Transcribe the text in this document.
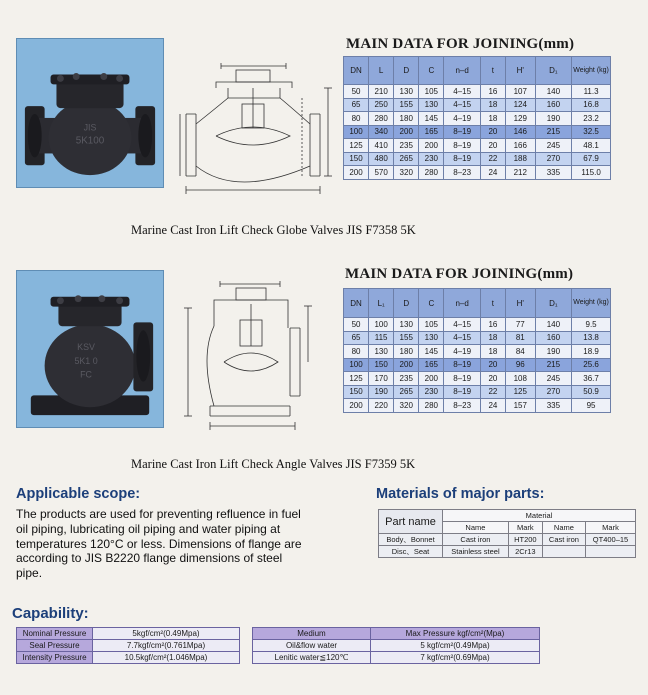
JIS
5K100
MAIN DATA FOR JOINING(mm)
DN	L	D	C	n–d	t	H'	D₁	Weight (kg)
50	210	130	105	4–15	16	107	140	11.3
65	250	155	130	4–15	18	124	160	16.8
80	280	180	145	4–19	18	129	190	23.2
100	340	200	165	8–19	20	146	215	32.5
125	410	235	200	8–19	20	166	245	48.1
150	480	265	230	8–19	22	188	270	67.9
200	570	320	280	8–23	24	212	335	115.0
Marine Cast Iron Lift Check Globe Valves JIS F7358 5K
KSV
5K1 0
FC
MAIN DATA FOR JOINING(mm)
DN	L₁	D	C	n–d	t	H'	D₁	Weight (kg)
50	100	130	105	4–15	16	77	140	9.5
65	115	155	130	4–15	18	81	160	13.8
80	130	180	145	4–19	18	84	190	18.9
100	150	200	165	8–19	20	96	215	25.6
125	170	235	200	8–19	20	108	245	36.7
150	190	265	230	8–19	22	125	270	50.9
200	220	320	280	8–23	24	157	335	95
Marine Cast Iron Lift Check Angle Valves JIS F7359 5K
Applicable scope:
The products are used for preventing refluence in fuel
oil piping, lubricating oil piping and water piping at
temperatures 120°C or less. Dimensions of flange are
according to JIS B2220 flange dimensions of steel
pipe.
Materials of major parts:
Part name	Material			
	Name	Mark	Name	Mark
Body、Bonnet	Cast iron	HT200	Cast iron	QT400–15
Disc、Seat	Stainless steel	2Cr13		
Capability:
Nominal Pressure	5kgf/cm²(0.49Mpa)
Seal Pressure	7.7kgf/cm²(0.761Mpa)
Intensity Pressure	10.5kgf/cm²(1.046Mpa)
Medium	Max Pressure kgf/cm²(Mpa)
Oil&flow water	5 kgf/cm²(0.49Mpa)
Lenitic water≦120℃	7 kgf/cm²(0.69Mpa)
